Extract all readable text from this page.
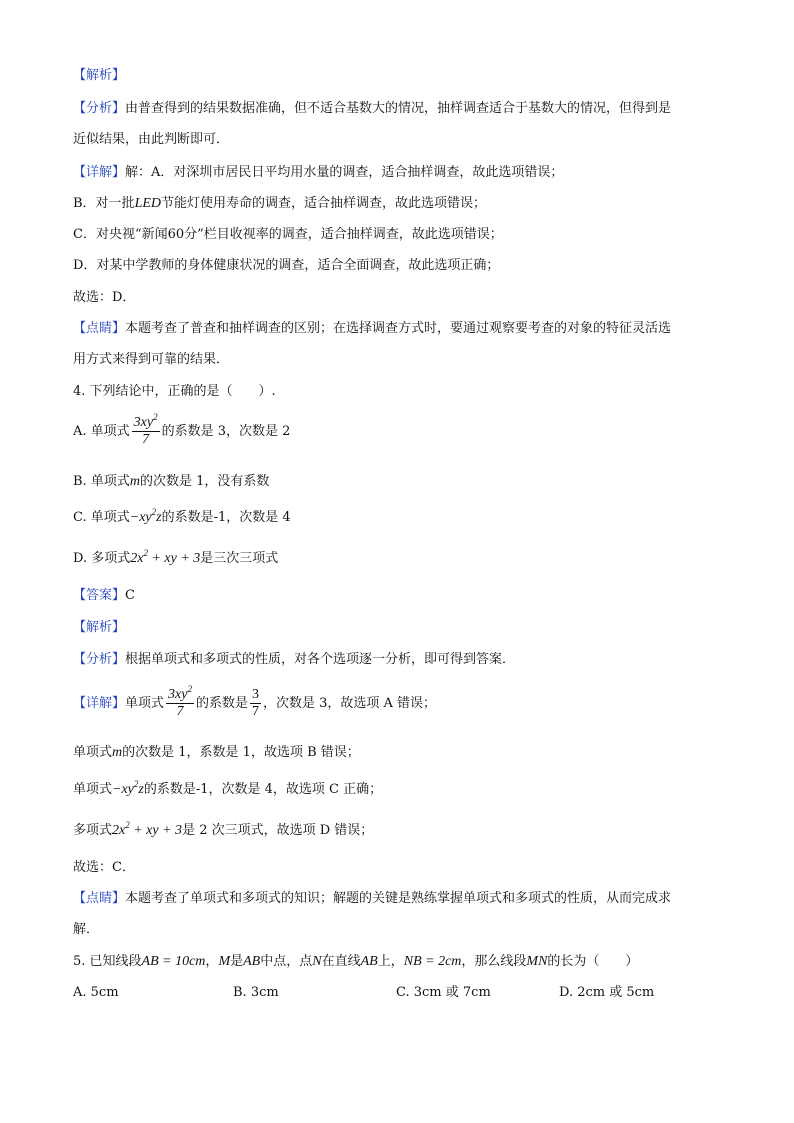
【解析】
【分析】由普查得到的结果数据准确，但不适合基数大的情况，抽样调查适合于基数大的情况，但得到是
近似结果，由此判断即可．
【详解】解：A．对深圳市居民日平均用水量的调查，适合抽样调查，故此选项错误；
B．对一批LED节能灯使用寿命的调查，适合抽样调查，故此选项错误；
C．对央视“新闻60分”栏目收视率的调查，适合抽样调查，故此选项错误；
D．对某中学教师的身体健康状况的调查，适合全面调查，故此选项正确；
故选：D．
【点睛】本题考查了普查和抽样调查的区别；在选择调查方式时，要通过观察要考查的对象的特征灵活选
用方式来得到可靠的结果．
4. 下列结论中，正确的是（　　）.
A. 单项式 $\frac{3xy^2}{7}$ 的系数是 3，次数是 2
B. 单项式m的次数是 1，没有系数
C. 单项式$-xy^2z$的系数是-1，次数是 4
D. 多项式$2x^2$ + xy + 3是三次三项式
【答案】C
【解析】
【分析】根据单项式和多项式的性质，对各个选项逐一分析，即可得到答案．
【详解】单项式 $\frac{3xy^2}{7}$ 的系数是 $\frac{3}{7}$ ，次数是 3，故选项 A 错误；
单项式m的次数是 1，系数是 1，故选项 B 错误；
单项式$-xy^2z$的系数是-1，次数是 4，故选项 C 正确；
多项式$2x^2$ + xy + 3是 2 次三项式，故选项 D 错误；
故选：C．
【点睛】本题考查了单项式和多项式的知识；解题的关键是熟练掌握单项式和多项式的性质，从而完成求
解．
5. 已知线段AB = 10cm，M是AB中点，点N在直线AB上，NB = 2cm，那么线段MN的长为（　　）
A. 5cm	B. 3cm	C. 3cm 或 7cm	D. 2cm 或 5cm
